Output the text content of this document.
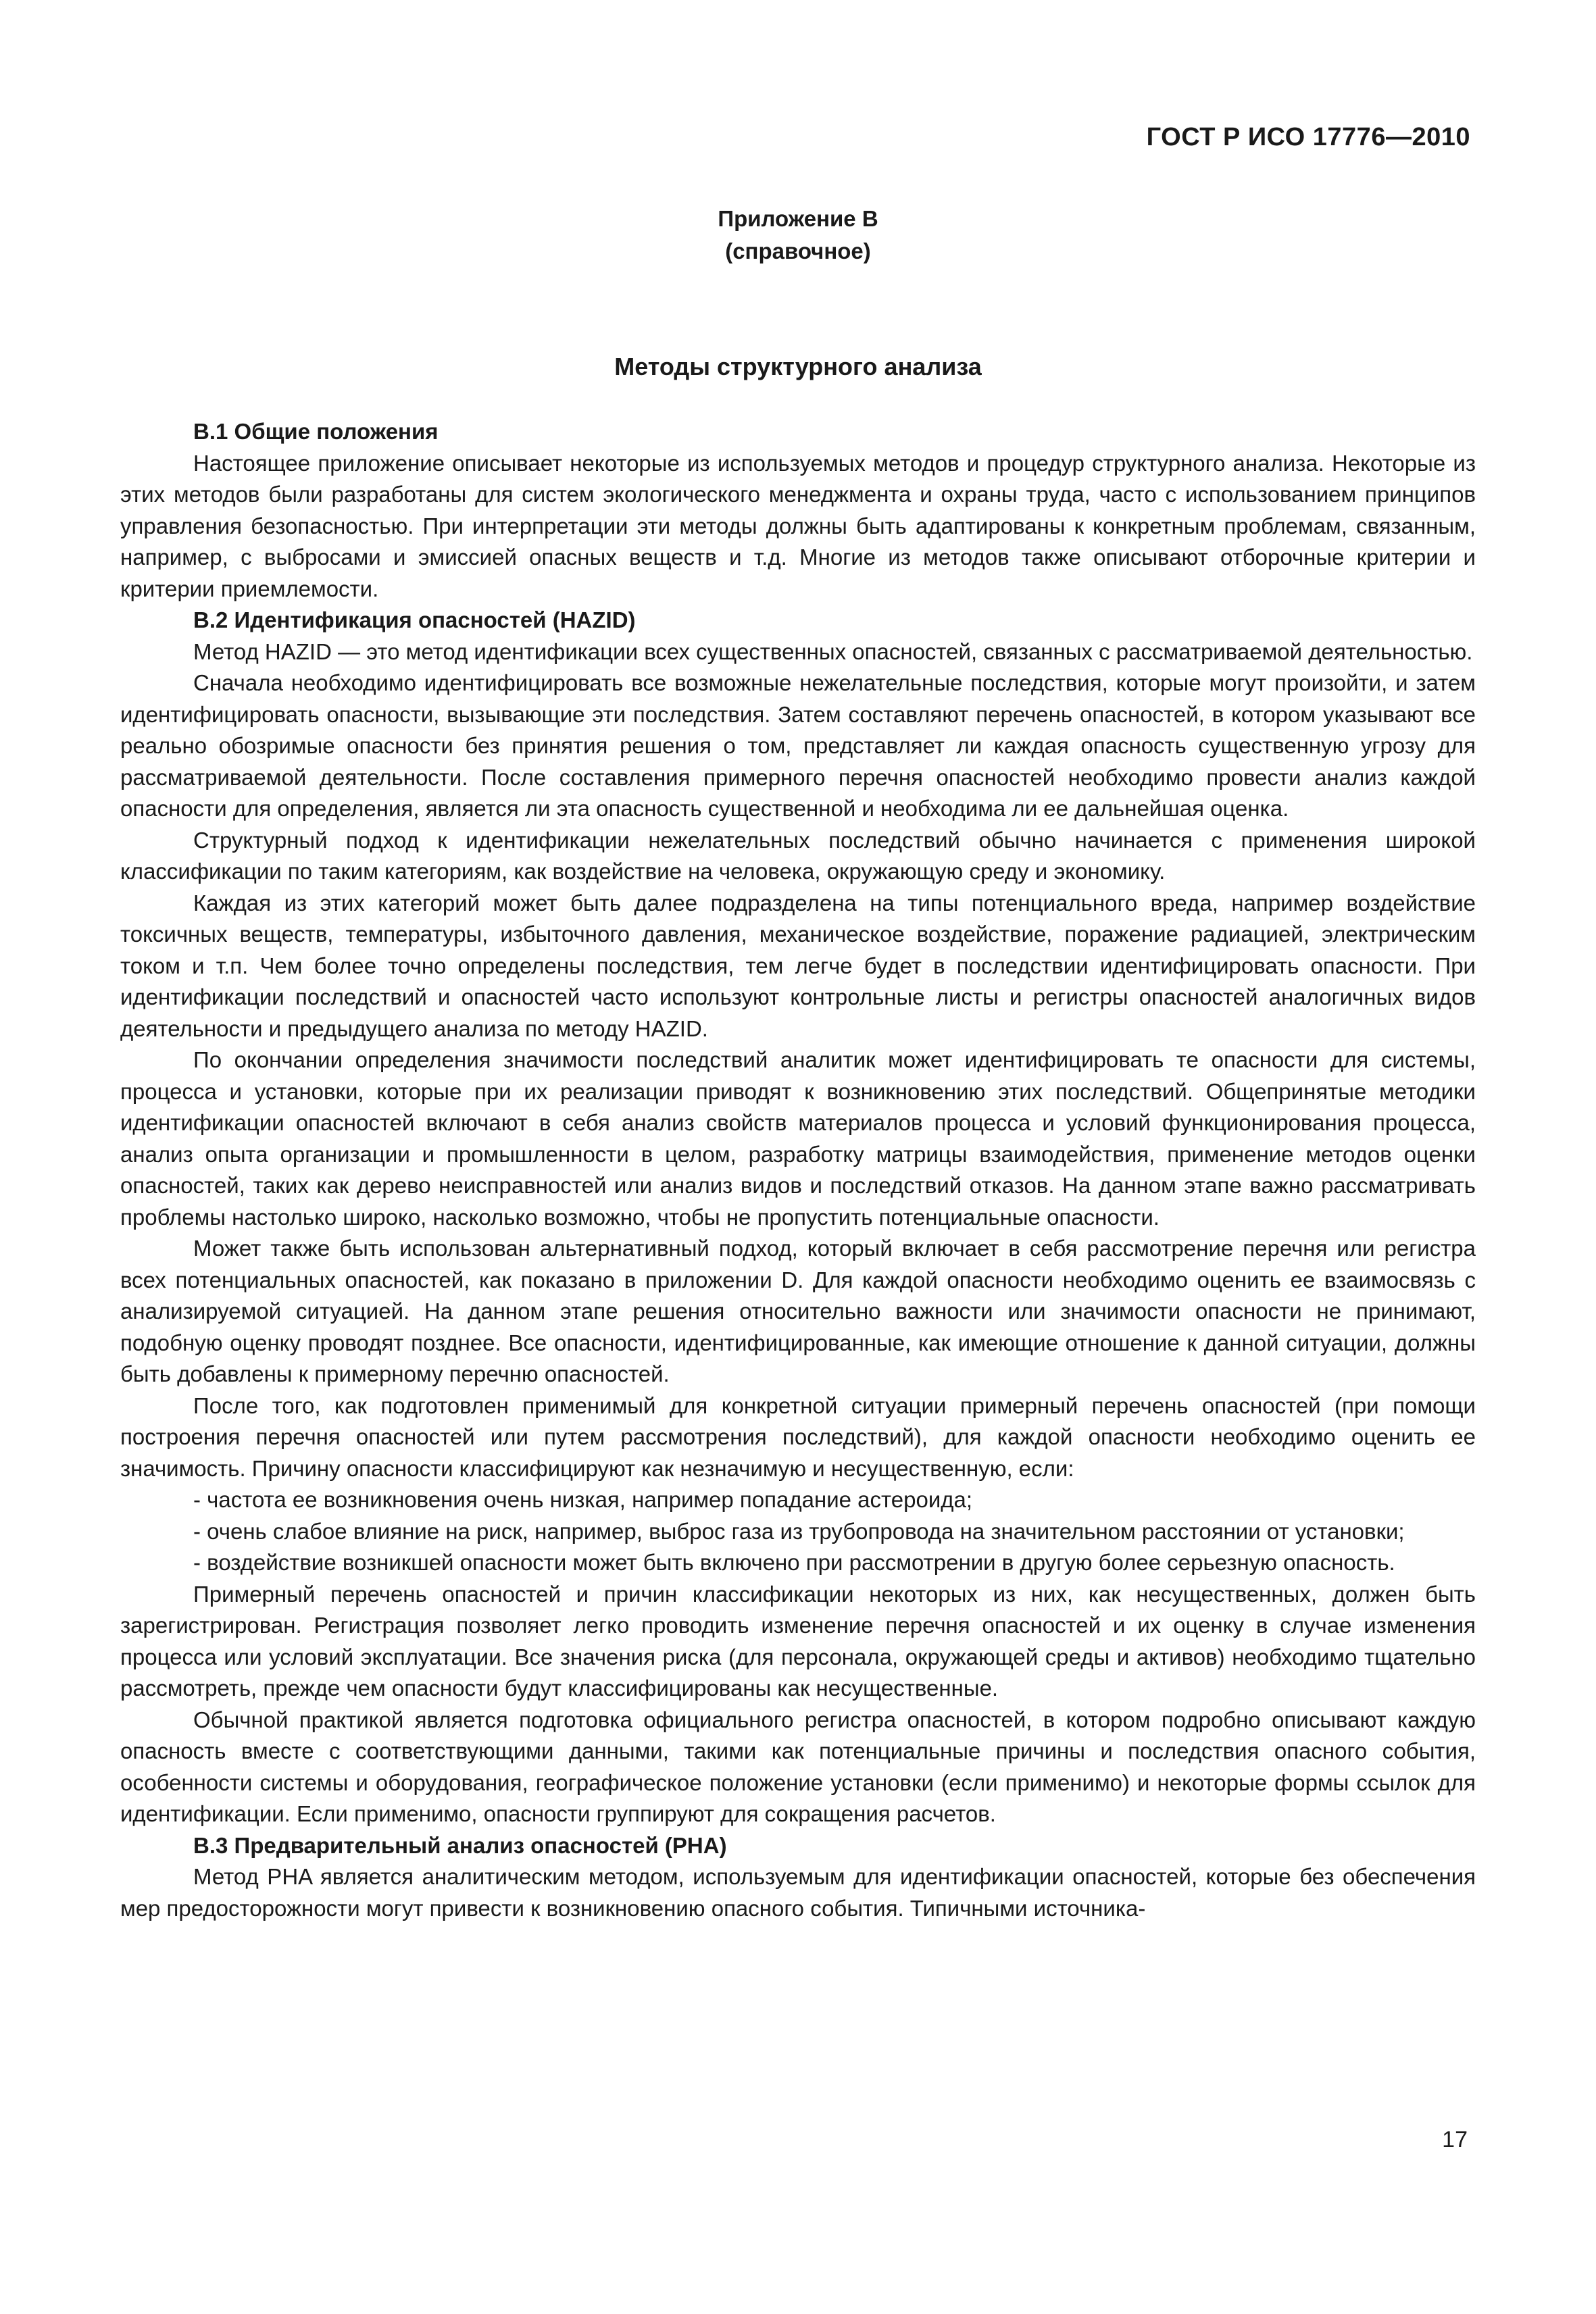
ГОСТ Р ИСО 17776—2010
Приложение В
(справочное)
Методы структурного анализа

В.1 Общие положения

Настоящее приложение описывает некоторые из используемых методов и процедур структурного анализа. Некоторые из этих методов были разработаны для систем экологического менеджмента и охраны труда, часто с использованием принципов управления безопасностью. При интерпретации эти методы должны быть адаптированы к конкретным проблемам, связанным, например, с выбросами и эмиссией опасных веществ и т.д. Многие из методов также описывают отборочные критерии и критерии приемлемости.

В.2 Идентификация опасностей (HAZID)

Метод HAZID — это метод идентификации всех существенных опасностей, связанных с рассматриваемой деятельностью.

Сначала необходимо идентифицировать все возможные нежелательные последствия, которые могут произойти, и затем идентифицировать опасности, вызывающие эти последствия. Затем составляют перечень опасностей, в котором указывают все реально обозримые опасности без принятия решения о том, представляет ли каждая опасность существенную угрозу для рассматриваемой деятельности. После составления примерного перечня опасностей необходимо провести анализ каждой опасности для определения, является ли эта опасность существенной и необходима ли ее дальнейшая оценка.

Структурный подход к идентификации нежелательных последствий обычно начинается с применения широкой классификации по таким категориям, как воздействие на человека, окружающую среду и экономику.

Каждая из этих категорий может быть далее подразделена на типы потенциального вреда, например воздействие токсичных веществ, температуры, избыточного давления, механическое воздействие, поражение радиацией, электрическим током и т.п. Чем более точно определены последствия, тем легче будет в последствии идентифицировать опасности. При идентификации последствий и опасностей часто используют контрольные листы и регистры опасностей аналогичных видов деятельности и предыдущего анализа по методу HAZID.

По окончании определения значимости последствий аналитик может идентифицировать те опасности для системы, процесса и установки, которые при их реализации приводят к возникновению этих последствий. Общепринятые методики идентификации опасностей включают в себя анализ свойств материалов процесса и условий функционирования процесса, анализ опыта организации и промышленности в целом, разработку матрицы взаимодействия, применение методов оценки опасностей, таких как дерево неисправностей или анализ видов и последствий отказов. На данном этапе важно рассматривать проблемы настолько широко, насколько возможно, чтобы не пропустить потенциальные опасности.

Может также быть использован альтернативный подход, который включает в себя рассмотрение перечня или регистра всех потенциальных опасностей, как показано в приложении D. Для каждой опасности необходимо оценить ее взаимосвязь с анализируемой ситуацией. На данном этапе решения относительно важности или значимости опасности не принимают, подобную оценку проводят позднее. Все опасности, идентифицированные, как имеющие отношение к данной ситуации, должны быть добавлены к примерному перечню опасностей.

После того, как подготовлен применимый для конкретной ситуации примерный перечень опасностей (при помощи построения перечня опасностей или путем рассмотрения последствий), для каждой опасности необходимо оценить ее значимость. Причину опасности классифицируют как незначимую и несущественную, если:

- частота ее возникновения очень низкая, например попадание астероида;

- очень слабое влияние на риск, например, выброс газа из трубопровода на значительном расстоянии от установки;

- воздействие возникшей опасности может быть включено при рассмотрении в другую более серьезную опасность.

Примерный перечень опасностей и причин классификации некоторых из них, как несущественных, должен быть зарегистрирован. Регистрация позволяет легко проводить изменение перечня опасностей и их оценку в случае изменения процесса или условий эксплуатации. Все значения риска (для персонала, окружающей среды и активов) необходимо тщательно рассмотреть, прежде чем опасности будут классифицированы как несущественные.

Обычной практикой является подготовка официального регистра опасностей, в котором подробно описывают каждую опасность вместе с соответствующими данными, такими как потенциальные причины и последствия опасного события, особенности системы и оборудования, географическое положение установки (если применимо) и некоторые формы ссылок для идентификации. Если применимо, опасности группируют для сокращения расчетов.

В.3 Предварительный анализ опасностей (PHA)

Метод PHA является аналитическим методом, используемым для идентификации опасностей, которые без обеспечения мер предосторожности могут привести к возникновению опасного события. Типичными источника-

17
